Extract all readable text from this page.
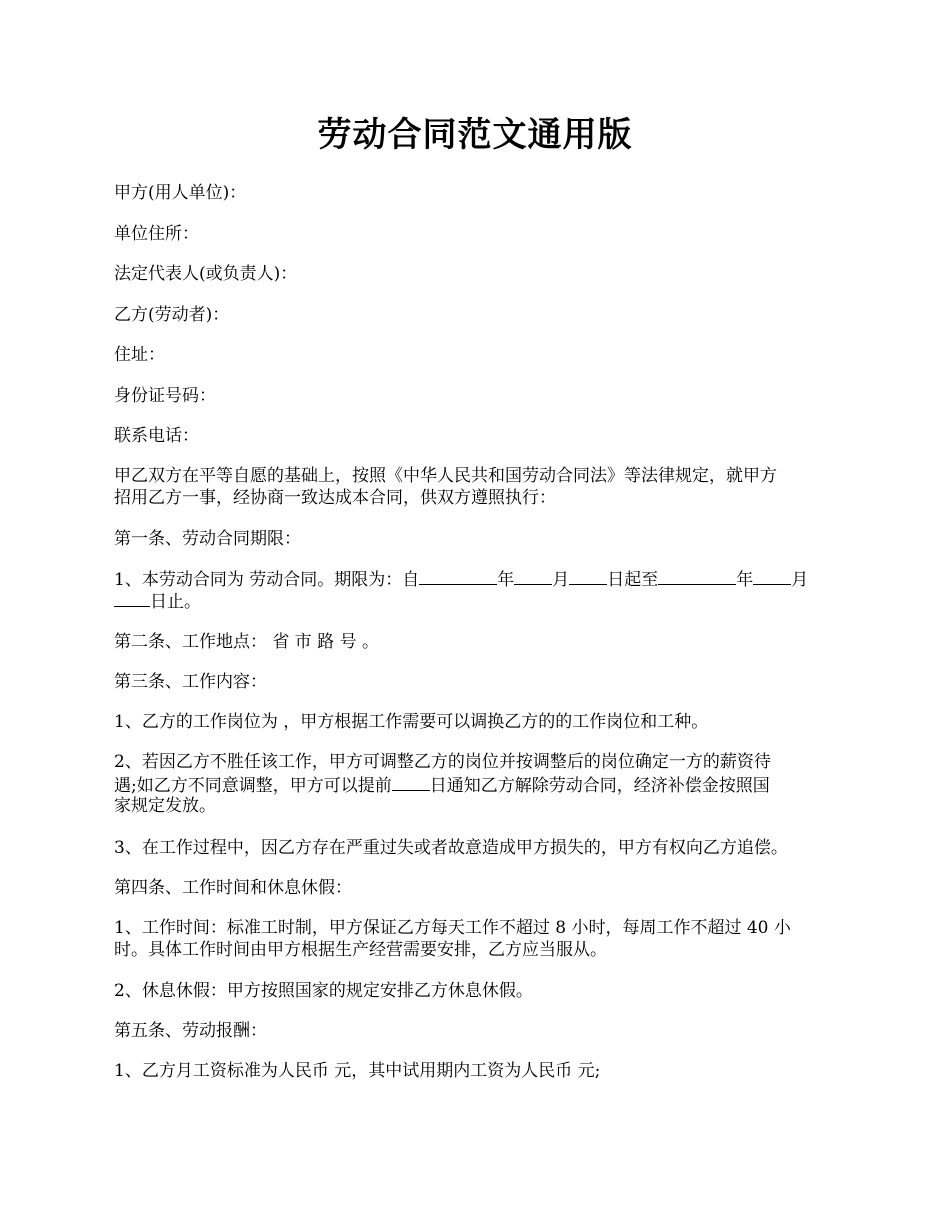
劳动合同范文通用版

甲方(用人单位)：

单位住所：

法定代表人(或负责人)：

乙方(劳动者)：

住址：

身份证号码：

联系电话：

甲乙双方在平等自愿的基础上，按照《中华人民共和国劳动合同法》等法律规定，就甲方
招用乙方一事，经协商一致达成本合同，供双方遵照执行：

第一条、劳动合同期限：

1、本劳动合同为 劳动合同。期限为：自	年 月 日起至	年 月
日止。

第二条、工作地点： 省 市 路 号 。

第三条、工作内容：

1、乙方的工作岗位为 ，甲方根据工作需要可以调换乙方的的工作岗位和工种。

2、若因乙方不胜任该工作，甲方可调整乙方的岗位并按调整后的岗位确定一方的薪资待
遇;如乙方不同意调整，甲方可以提前 日通知乙方解除劳动合同，经济补偿金按照国
家规定发放。

3、在工作过程中，因乙方存在严重过失或者故意造成甲方损失的，甲方有权向乙方追偿。

第四条、工作时间和休息休假：

1、工作时间：标准工时制，甲方保证乙方每天工作不超过 8 小时，每周工作不超过 40 小
时。具体工作时间由甲方根据生产经营需要安排，乙方应当服从。

2、休息休假：甲方按照国家的规定安排乙方休息休假。

第五条、劳动报酬：

1、乙方月工资标准为人民币 元，其中试用期内工资为人民币 元;
